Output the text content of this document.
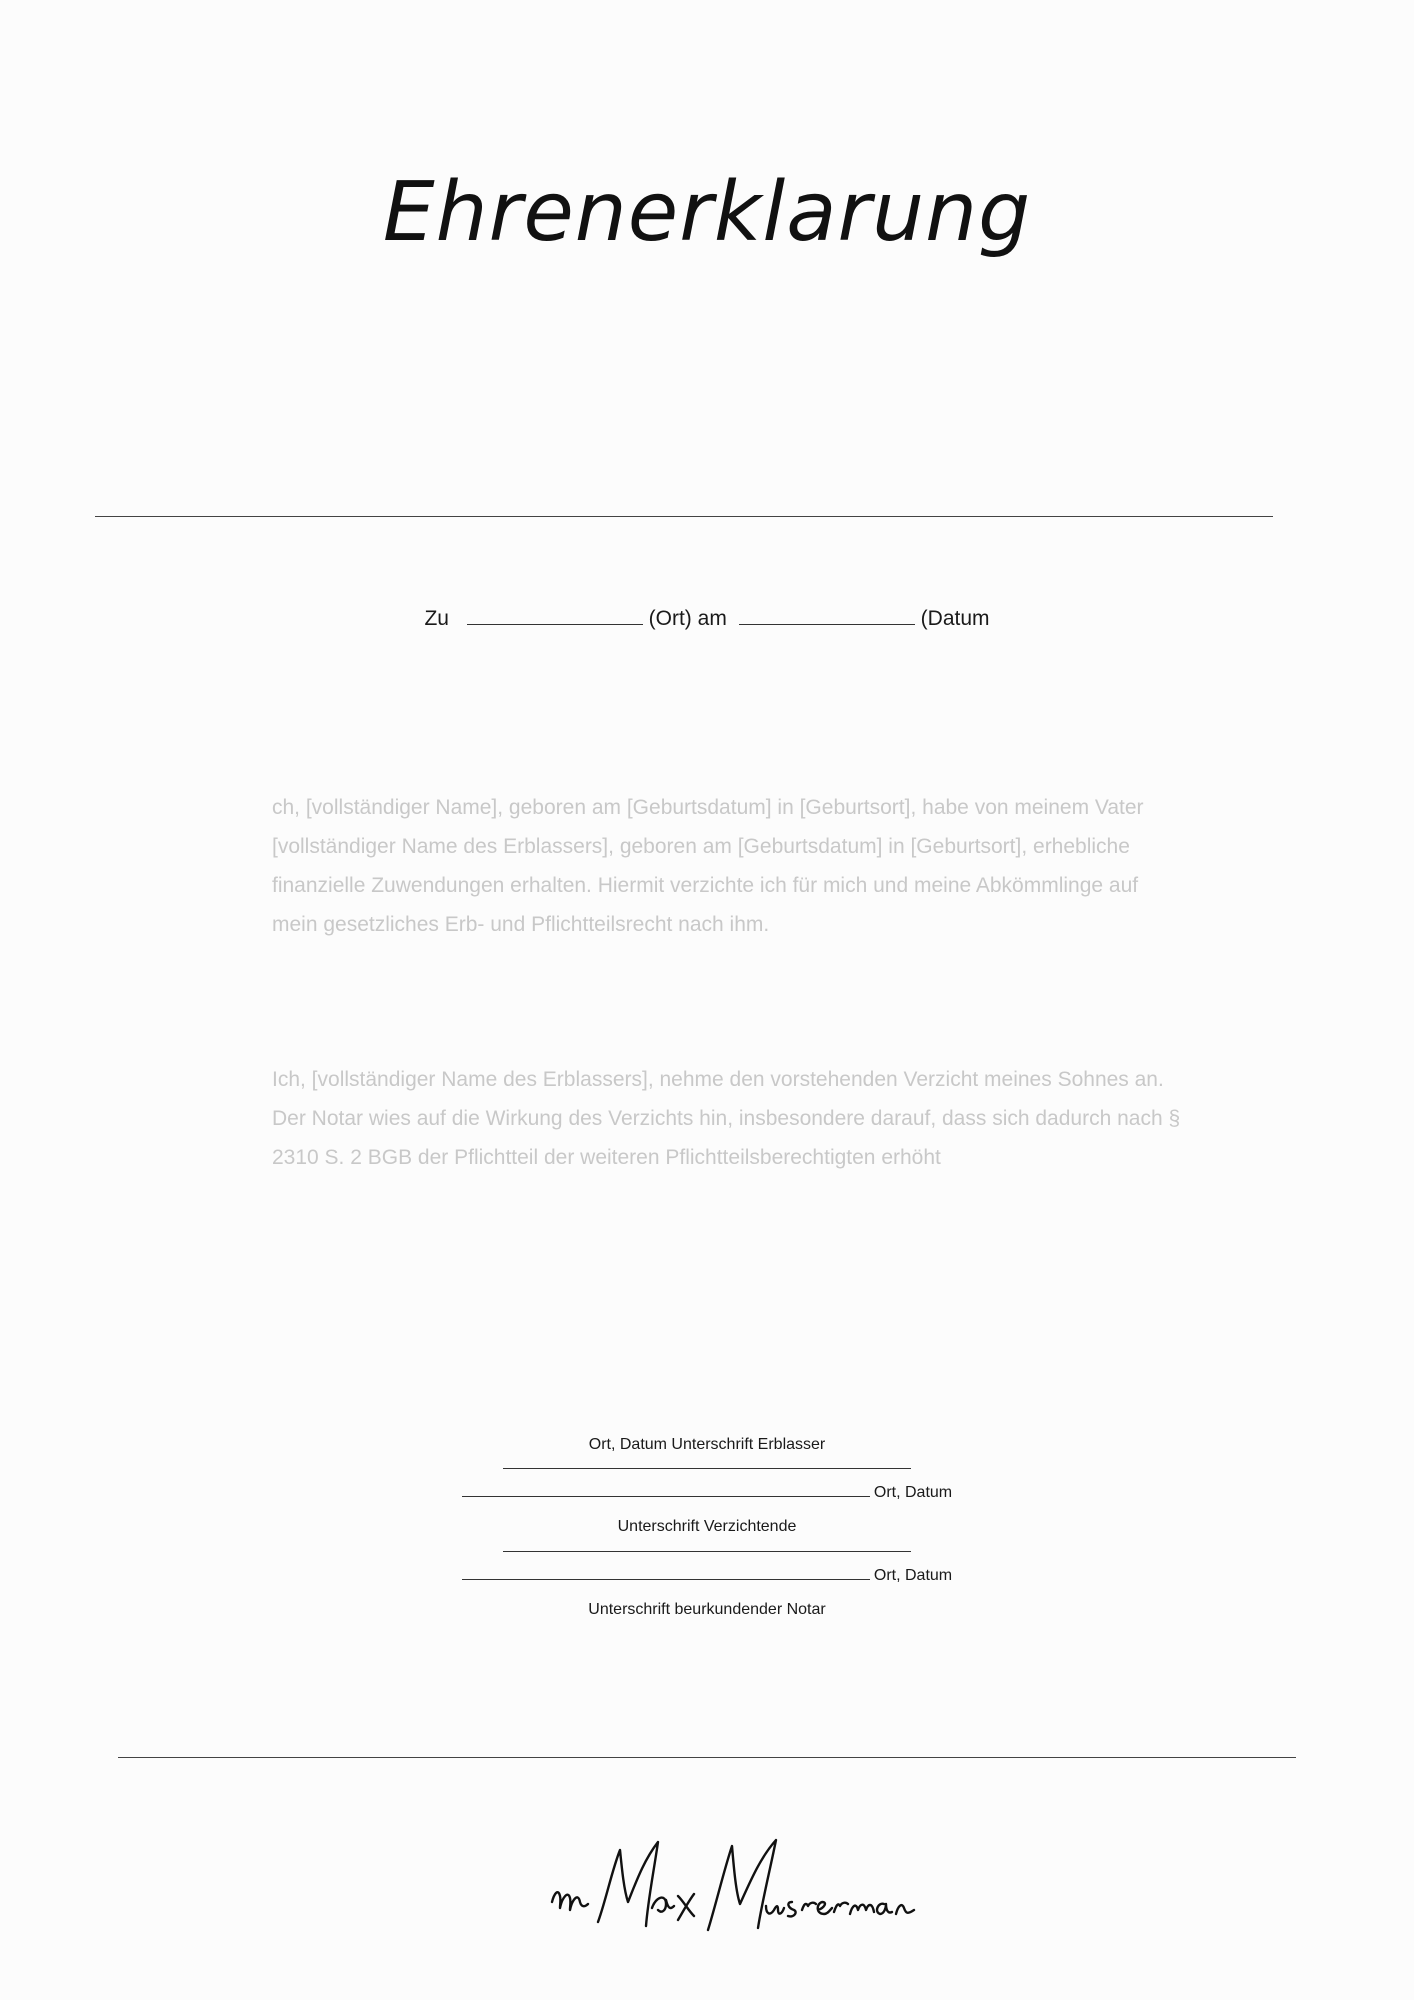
Ehrenerklarung
Zu	(Ort) am	(Datum

ch, [vollständiger Name], geboren am [Geburtsdatum] in [Geburtsort], habe von meinem Vater [vollständiger Name des Erblassers], geboren am [Geburtsdatum] in [Geburtsort], erhebliche finanzielle Zuwendungen erhalten. Hiermit verzichte ich für mich und meine Abkömmlinge auf mein gesetzliches Erb- und Pflichtteilsrecht nach ihm.

Ich, [vollständiger Name des Erblassers], nehme den vorstehenden Verzicht meines Sohnes an. Der Notar wies auf die Wirkung des Verzichts hin, insbesondere darauf, dass sich dadurch nach § 2310 S. 2 BGB der Pflichtteil der weiteren Pflichtteilsberechtigten erhöht

Ort, Datum Unterschrift Erblasser
Ort, Datum
Unterschrift Verzichtende
Ort, Datum
Unterschrift beurkundender Notar
